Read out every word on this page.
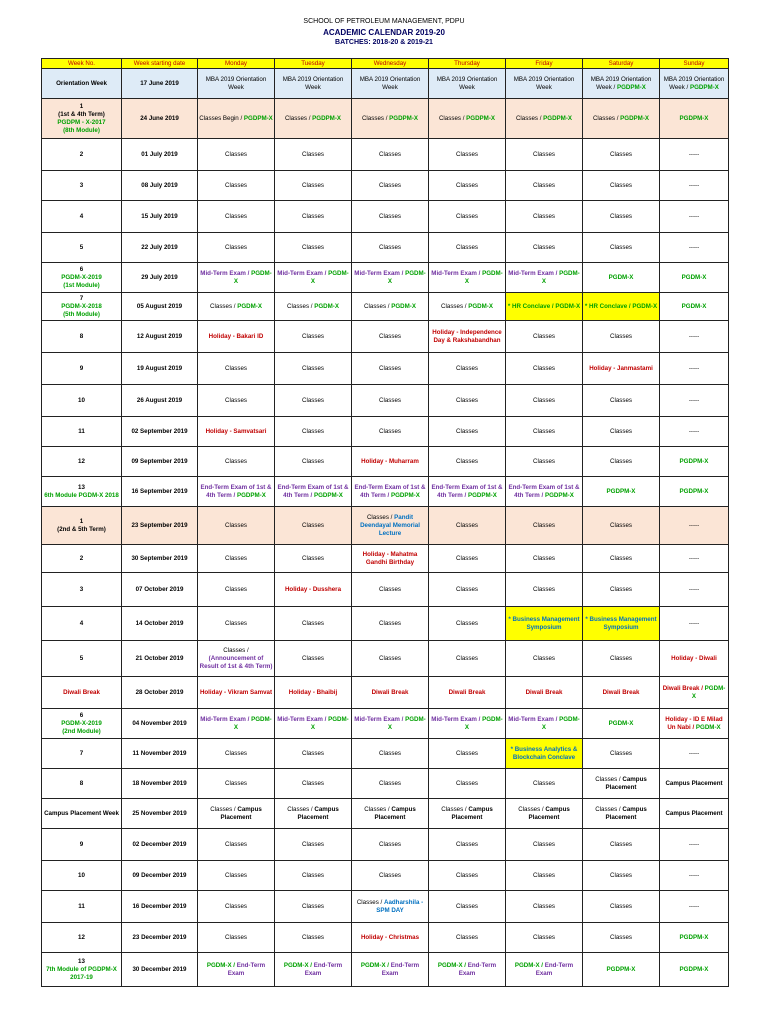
SCHOOL OF PETROLEUM MANAGEMENT, PDPU
ACADEMIC CALENDAR 2019-20
BATCHES: 2018-20 & 2019-21
Week No.	Week starting date	Monday	Tuesday	Wednesday	Thursday	Friday	Saturday	Sunday

Orientation Week	17 June 2019	MBA 2019 Orientation Week	MBA 2019 Orientation Week	MBA 2019 Orientation Week	MBA 2019 Orientation Week	MBA 2019 Orientation Week	MBA 2019 Orientation Week / PGDPM-X	MBA 2019 Orientation Week / PGDPM-X

1
(1st & 4th Term)
PGDPM - X-2017
(8th Module)	24 June 2019	Classes Begin / PGDPM-X	Classes / PGDPM-X	Classes / PGDPM-X	Classes / PGDPM-X	Classes / PGDPM-X	Classes / PGDPM-X	PGDPM-X

2	01 July 2019	Classes	Classes	Classes	Classes	Classes	Classes	-----

3	08 July 2019	Classes	Classes	Classes	Classes	Classes	Classes	-----

4	15 July 2019	Classes	Classes	Classes	Classes	Classes	Classes	-----

5	22 July 2019	Classes	Classes	Classes	Classes	Classes	Classes	-----

6
PGDM-X-2019
(1st Module)	29 July 2019	Mid-Term Exam / PGDM-X	Mid-Term Exam / PGDM-X	Mid-Term Exam / PGDM-X	Mid-Term Exam / PGDM-X	Mid-Term Exam / PGDM-X	PGDM-X	PGDM-X

7
PGDM-X-2018
(5th Module)	05 August 2019	Classes / PGDM-X	Classes / PGDM-X	Classes / PGDM-X	Classes / PGDM-X	* HR Conclave / PGDM-X	* HR Conclave / PGDM-X	PGDM-X

8	12 August 2019	Holiday - Bakari ID	Classes	Classes	Holiday - Independence Day & Rakshabandhan	Classes	Classes	-----

9	19 August 2019	Classes	Classes	Classes	Classes	Classes	Holiday - Janmastami	-----

10	26 August 2019	Classes	Classes	Classes	Classes	Classes	Classes	-----

11	02 September 2019	Holiday - Samvatsari	Classes	Classes	Classes	Classes	Classes	-----

12	09 September 2019	Classes	Classes	Holiday - Muharram	Classes	Classes	Classes	PGDPM-X

13
6th Module PGDM-X 2018	16 September 2019	End-Term Exam of 1st & 4th Term / PGDPM-X	End-Term Exam of 1st & 4th Term / PGDPM-X	End-Term Exam of 1st & 4th Term / PGDPM-X	End-Term Exam of 1st & 4th Term / PGDPM-X	End-Term Exam of 1st & 4th Term / PGDPM-X	PGDPM-X	PGDPM-X

1
(2nd & 5th Term)	23 September 2019	Classes	Classes	Classes / Pandit Deendayal Memorial Lecture	Classes	Classes	Classes	-----

2	30 September 2019	Classes	Classes	Holiday - Mahatma Gandhi Birthday	Classes	Classes	Classes	-----

3	07 October 2019	Classes	Holiday - Dusshera	Classes	Classes	Classes	Classes	-----

4	14 October 2019	Classes	Classes	Classes	Classes	* Business Management Symposium	* Business Management Symposium	-----

5	21 October 2019	Classes / (Announcement of Result of 1st & 4th Term)	Classes	Classes	Classes	Classes	Classes	Holiday - Diwali

Diwali Break	28 October 2019	Holiday - Vikram Samvat	Holiday - Bhaibij	Diwali Break	Diwali Break	Diwali Break	Diwali Break	Diwali Break / PGDM-X

6
PGDM-X-2019
(2nd Module)	04 November 2019	Mid-Term Exam / PGDM-X	Mid-Term Exam / PGDM-X	Mid-Term Exam / PGDM-X	Mid-Term Exam / PGDM-X	Mid-Term Exam / PGDM-X	PGDM-X	Holiday - ID E Milad Un Nabi / PGDM-X

7	11 November 2019	Classes	Classes	Classes	Classes	* Business Analytics & Blockchain Conclave	Classes	-----

8	18 November 2019	Classes	Classes	Classes	Classes	Classes	Classes / Campus Placement	Campus Placement

Campus Placement Week	25 November 2019	Classes / Campus Placement	Classes / Campus Placement	Classes / Campus Placement	Classes / Campus Placement	Classes / Campus Placement	Classes / Campus Placement	Campus Placement

9	02 December 2019	Classes	Classes	Classes	Classes	Classes	Classes	-----

10	09 December 2019	Classes	Classes	Classes	Classes	Classes	Classes	-----

11	16 December 2019	Classes	Classes	Classes / Aadharshila - SPM DAY	Classes	Classes	Classes	-----

12	23 December 2019	Classes	Classes	Holiday - Christmas	Classes	Classes	Classes	PGDPM-X

13
7th Module of PGDPM-X 2017-19	30 December 2019	PGDM-X / End-Term Exam	PGDM-X / End-Term Exam	PGDM-X / End-Term Exam	PGDM-X / End-Term Exam	PGDM-X / End-Term Exam	PGDPM-X	PGDPM-X
